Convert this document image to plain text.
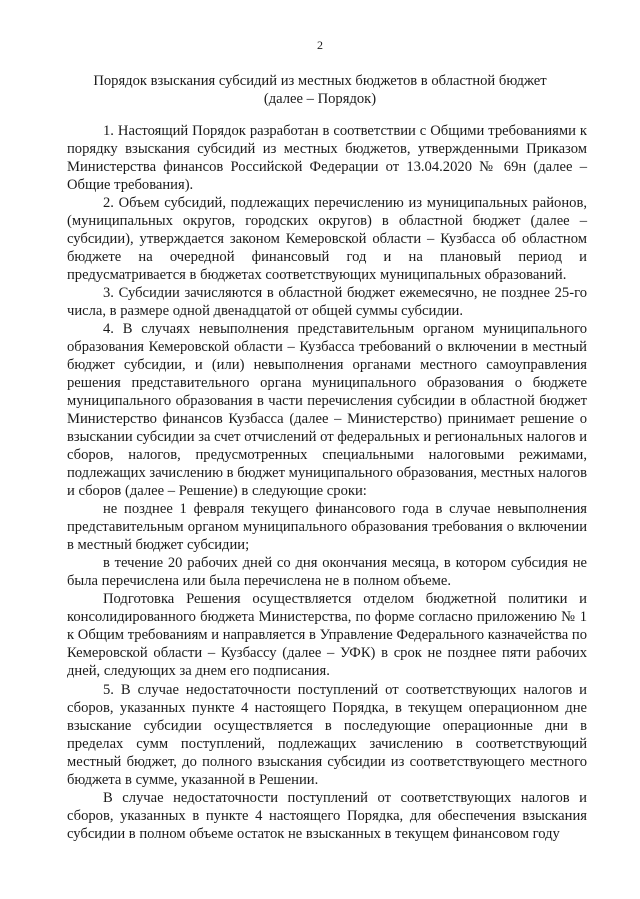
2
Порядок взыскания субсидий из местных бюджетов в областной бюджет
(далее – Порядок)

1. Настоящий Порядок разработан в соответствии с Общими требованиями к порядку взыскания субсидий из местных бюджетов, утвержденными Приказом Министерства финансов Российской Федерации от 13.04.2020 № 69н (далее – Общие требования).

2. Объем субсидий, подлежащих перечислению из муниципальных районов, (муниципальных округов, городских округов) в областной бюджет (далее – субсидии), утверждается законом Кемеровской области – Кузбасса об областном бюджете на очередной финансовый год и на плановый период и предусматривается в бюджетах соответствующих муниципальных образований.

3. Субсидии зачисляются в областной бюджет ежемесячно, не позднее 25-го числа, в размере одной двенадцатой от общей суммы субсидии.

4. В случаях невыполнения представительным органом муниципального образования Кемеровской области – Кузбасса требований о включении в местный бюджет субсидии, и (или) невыполнения органами местного самоуправления решения представительного органа муниципального образования о бюджете муниципального образования в части перечисления субсидии в областной бюджет Министерство финансов Кузбасса (далее – Министерство) принимает решение о взыскании субсидии за счет отчислений от федеральных и региональных налогов и сборов, налогов, предусмотренных специальными налоговыми режимами, подлежащих зачислению в бюджет муниципального образования, местных налогов и сборов (далее – Решение) в следующие сроки:

не позднее 1 февраля текущего финансового года в случае невыполнения представительным органом муниципального образования требования о включении в местный бюджет субсидии;

в течение 20 рабочих дней со дня окончания месяца, в котором субсидия не была перечислена или была перечислена не в полном объеме.

Подготовка Решения осуществляется отделом бюджетной политики и консолидированного бюджета Министерства, по форме согласно приложению № 1 к Общим требованиям и направляется в Управление Федерального казначейства по Кемеровской области – Кузбассу (далее – УФК) в срок не позднее пяти рабочих дней, следующих за днем его подписания.

5. В случае недостаточности поступлений от соответствующих налогов и сборов, указанных пункте 4 настоящего Порядка, в текущем операционном дне взыскание субсидии осуществляется в последующие операционные дни в пределах сумм поступлений, подлежащих зачислению в соответствующий местный бюджет, до полного взыскания субсидии из соответствующего местного бюджета в сумме, указанной в Решении.

В случае недостаточности поступлений от соответствующих налогов и сборов, указанных в пункте 4 настоящего Порядка, для обеспечения взыскания субсидии в полном объеме остаток не взысканных в текущем финансовом году
